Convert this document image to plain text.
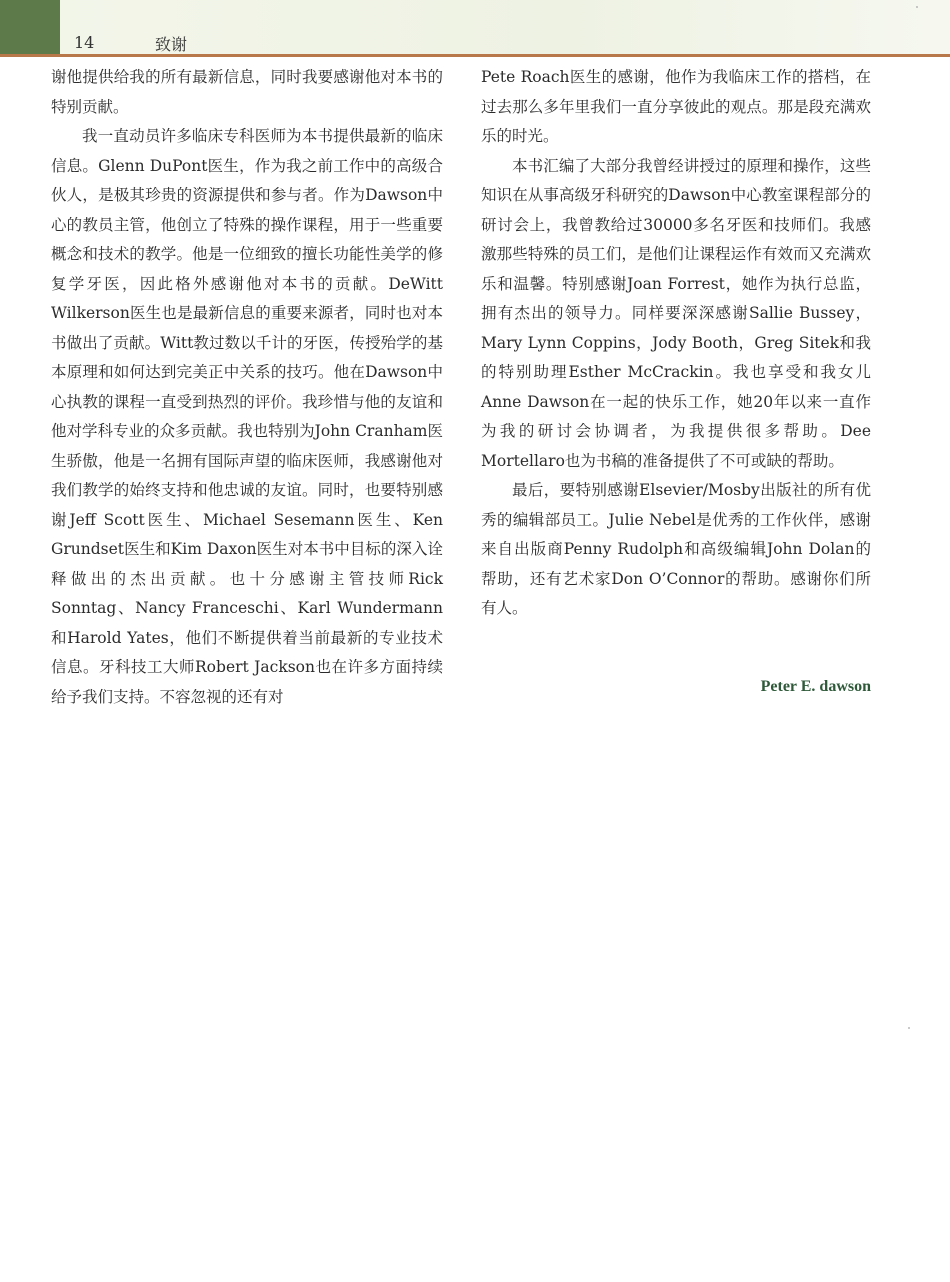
14	致谢

谢他提供给我的所有最新信息，同时我要感谢他对本书的特别贡献。

我一直动员许多临床专科医师为本书提供最新的临床信息。Glenn DuPont医生，作为我之前工作中的高级合伙人，是极其珍贵的资源提供和参与者。作为Dawson中心的教员主管，他创立了特殊的操作课程，用于一些重要概念和技术的教学。他是一位细致的擅长功能性美学的修复学牙医，因此格外感谢他对本书的贡献。DeWitt Wilkerson医生也是最新信息的重要来源者，同时也对本书做出了贡献。Witt教过数以千计的牙医，传授殆学的基本原理和如何达到完美正中关系的技巧。他在Dawson中心执教的课程一直受到热烈的评价。我珍惜与他的友谊和他对学科专业的众多贡献。我也特别为John Cranham医生骄傲，他是一名拥有国际声望的临床医师，我感谢他对我们教学的始终支持和他忠诚的友谊。同时，也要特别感谢Jeff Scott医生、Michael Sesemann医生、Ken Grundset医生和Kim Daxon医生对本书中目标的深入诠释做出的杰出贡献。也十分感谢主管技师Rick Sonntag、Nancy Franceschi、Karl Wundermann和Harold Yates，他们不断提供着当前最新的专业技术信息。牙科技工大师Robert Jackson也在许多方面持续给予我们支持。不容忽视的还有对

Pete Roach医生的感谢，他作为我临床工作的搭档，在过去那么多年里我们一直分享彼此的观点。那是段充满欢乐的时光。

本书汇编了大部分我曾经讲授过的原理和操作，这些知识在从事高级牙科研究的Dawson中心教室课程部分的研讨会上，我曾教给过30000多名牙医和技师们。我感激那些特殊的员工们，是他们让课程运作有效而又充满欢乐和温馨。特别感谢Joan Forrest，她作为执行总监，拥有杰出的领导力。同样要深深感谢Sallie Bussey，Mary Lynn Coppins，Jody Booth，Greg Sitek和我的特别助理Esther McCrackin。我也享受和我女儿Anne Dawson在一起的快乐工作，她20年以来一直作为我的研讨会协调者，为我提供很多帮助。Dee Mortellaro也为书稿的准备提供了不可或缺的帮助。

最后，要特别感谢Elsevier/Mosby出版社的所有优秀的编辑部员工。Julie Nebel是优秀的工作伙伴，感谢来自出版商Penny Rudolph和高级编辑John Dolan的帮助，还有艺术家Don O’Connor的帮助。感谢你们所有人。

Peter E. dawson
